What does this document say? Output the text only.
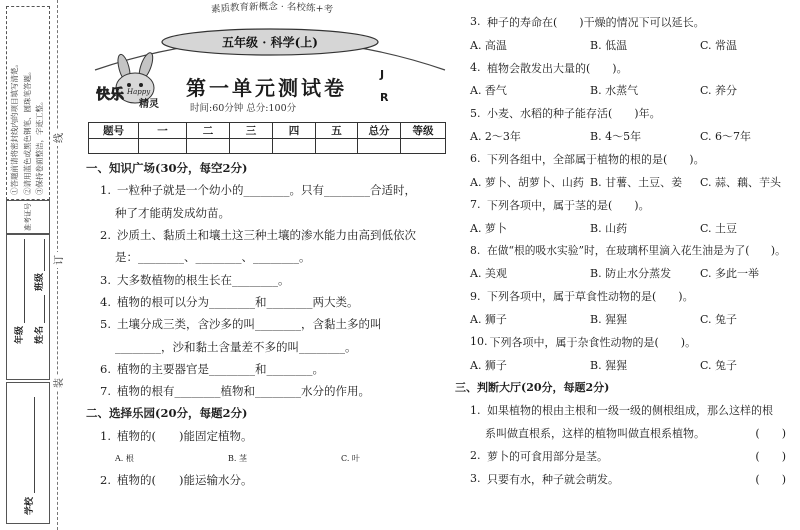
①答题前请将密封线内的项目填写清楚。 ②请用蓝色或黑色钢笔、圆珠笔答题。 ③保持卷面整洁，字迹工整。
准考证号
年级	姓名
班级
学校
线
订
装
素质教育新概念 · 名校练+考
五年级 · 科学(上)
快乐 Happy
精灵
第一单元测试卷
时间:60分钟 总分:100分
J
R
题号	一	二	三	四	五	总分	等级

一、知识广场(30分，每空2分)
1. 一粒种子就是一个幼小的________。只有________合适时，
种了才能萌发成幼苗。
2. 沙质土、黏质土和壤土这三种土壤的渗水能力由高到低依次
是：________、________、________。
3. 大多数植物的根生长在________。
4. 植物的根可以分为________和________两大类。
5. 土壤分成三类，含沙多的叫________，含黏土多的叫
________，沙和黏土含量差不多的叫________。
6. 植物的主要器官是________和________。
7. 植物的根有________植物和________水分的作用。
二、选择乐园(20分，每题2分)
1. 植物的(　　)能固定植物。
A. 根	B. 茎	C. 叶
2. 植物的(　　)能运输水分。
3. 种子的寿命在(　　)干燥的情况下可以延长。
A. 高温	B. 低温	C. 常温
4. 植物会散发出大量的(　　)。
A. 香气	B. 水蒸气	C. 养分
5. 小麦、水稻的种子能存活(　　)年。
A. 2～3年	B. 4～5年	C. 6～7年
6. 下列各组中，全部属于植物的根的是(　　)。
A. 萝卜、胡萝卜、山药 B. 甘薯、土豆、姜	C. 蒜、藕、芋头
7. 下列各项中，属于茎的是(　　)。
A. 萝卜	B. 山药	C. 土豆
8. 在做“根的吸水实验”时，在玻璃杯里滴入花生油是为了(　　)。
A. 美观	B. 防止水分蒸发	C. 多此一举
9. 下列各项中，属于草食性动物的是(　　)。
A. 狮子	B. 猩猩	C. 兔子
10. 下列各项中，属于杂食性动物的是(　　)。
A. 狮子	B. 猩猩	C. 兔子
三、判断大厅(20分，每题2分)
1. 如果植物的根由主根和一级一级的侧根组成，那么这样的根
系叫做直根系，这样的植物叫做直根系植物。	(　　)
2. 萝卜的可食用部分是茎。	(　　)
3. 只要有水，种子就会萌发。	(　　)
